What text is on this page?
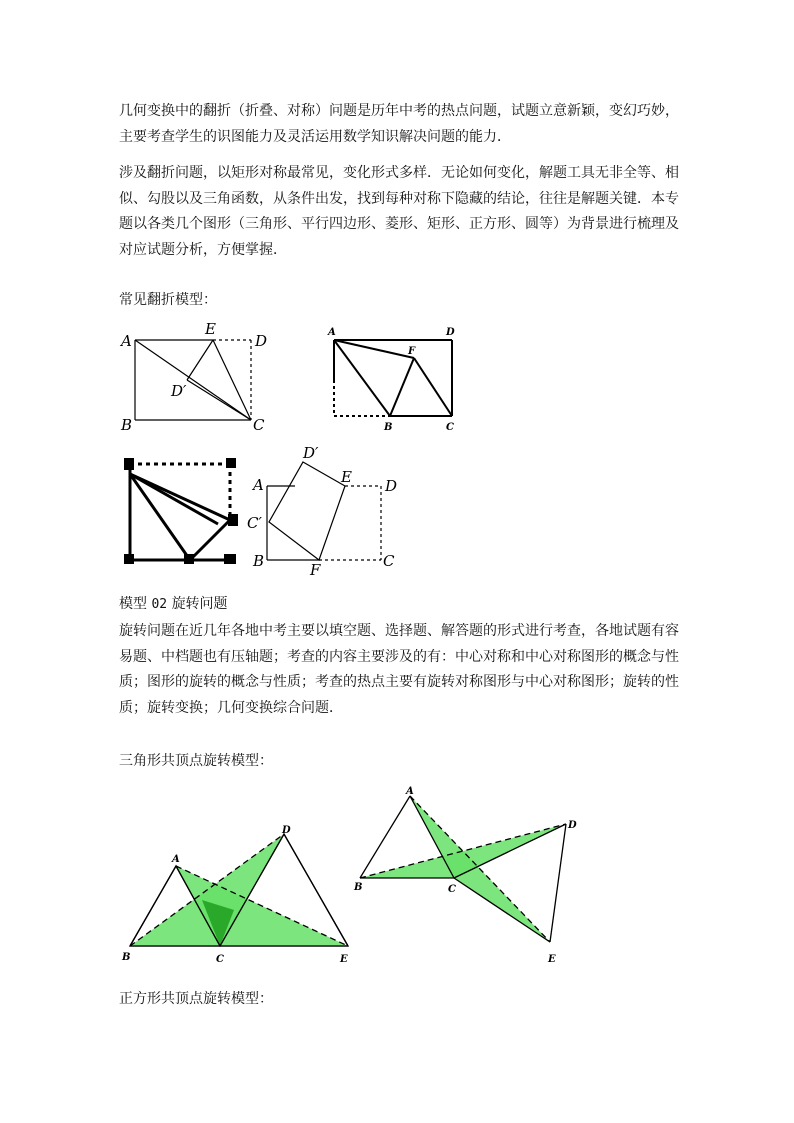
几何变换中的翻折（折叠、对称）问题是历年中考的热点问题，试题立意新颖，变幻巧妙，
主要考查学生的识图能力及灵活运用数学知识解决问题的能力．
涉及翻折问题，以矩形对称最常见，变化形式多样．无论如何变化，解题工具无非全等、相
似、勾股以及三角函数，从条件出发，找到每种对称下隐藏的结论，往往是解题关键．本专
题以各类几个图形（三角形、平行四边形、菱形、矩形、正方形、圆等）为背景进行梳理及
对应试题分析，方便掌握．
常见翻折模型：
A
E
D
D′
B	C
A	D
F
B	C
D′
E
A	D
C′
B	F	C
模型 02 旋转问题
旋转问题在近几年各地中考主要以填空题、选择题、解答题的形式进行考查，各地试题有容
易题、中档题也有压轴题；考查的内容主要涉及的有：中心对称和中心对称图形的概念与性
质；图形的旋转的概念与性质；考查的热点主要有旋转对称图形与中心对称图形；旋转的性
质；旋转变换；几何变换综合问题．
三角形共顶点旋转模型：
A
D
B	C	E
A
D
B	C
E
正方形共顶点旋转模型：
